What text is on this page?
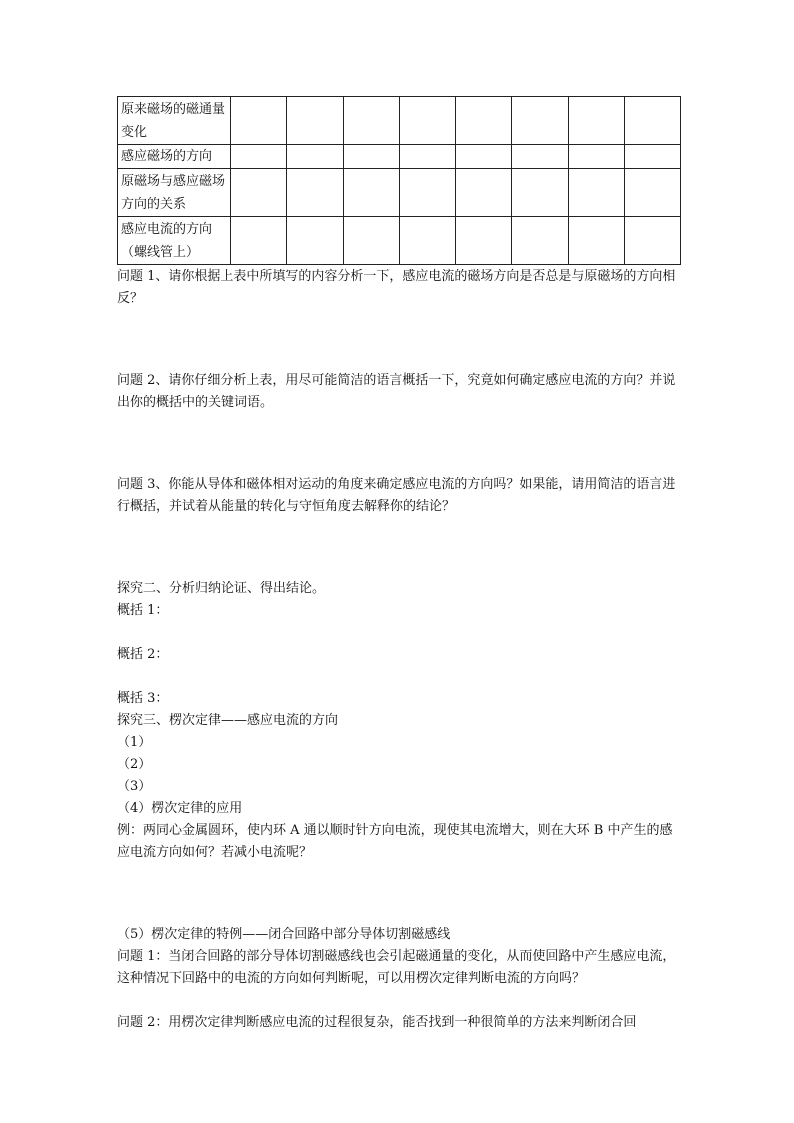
原来磁场的磁通量变化								
感应磁场的方向								
原磁场与感应磁场方向的关系								
感应电流的方向（螺线管上）								

问题 1、请你根据上表中所填写的内容分析一下，感应电流的磁场方向是否总是与原磁场的方向相反？

问题 2、请你仔细分析上表，用尽可能简洁的语言概括一下，究竟如何确定感应电流的方向？并说出你的概括中的关键词语。

问题 3、你能从导体和磁体相对运动的角度来确定感应电流的方向吗？如果能，请用简洁的语言进行概括，并试着从能量的转化与守恒角度去解释你的结论？

探究二、分析归纳论证、得出结论。

概括 1：

概括 2：

概括 3：

探究三、楞次定律——感应电流的方向

（1）

（2）

（3）

（4）楞次定律的应用

例：两同心金属圆环，使内环 A 通以顺时针方向电流，现使其电流增大，则在大环 B 中产生的感应电流方向如何？若减小电流呢？

（5）楞次定律的特例——闭合回路中部分导体切割磁感线

问题 1：当闭合回路的部分导体切割磁感线也会引起磁通量的变化，从而使回路中产生感应电流，这种情况下回路中的电流的方向如何判断呢，可以用楞次定律判断电流的方向吗？

问题 2：用楞次定律判断感应电流的过程很复杂，能否找到一种很简单的方法来判断闭合回
